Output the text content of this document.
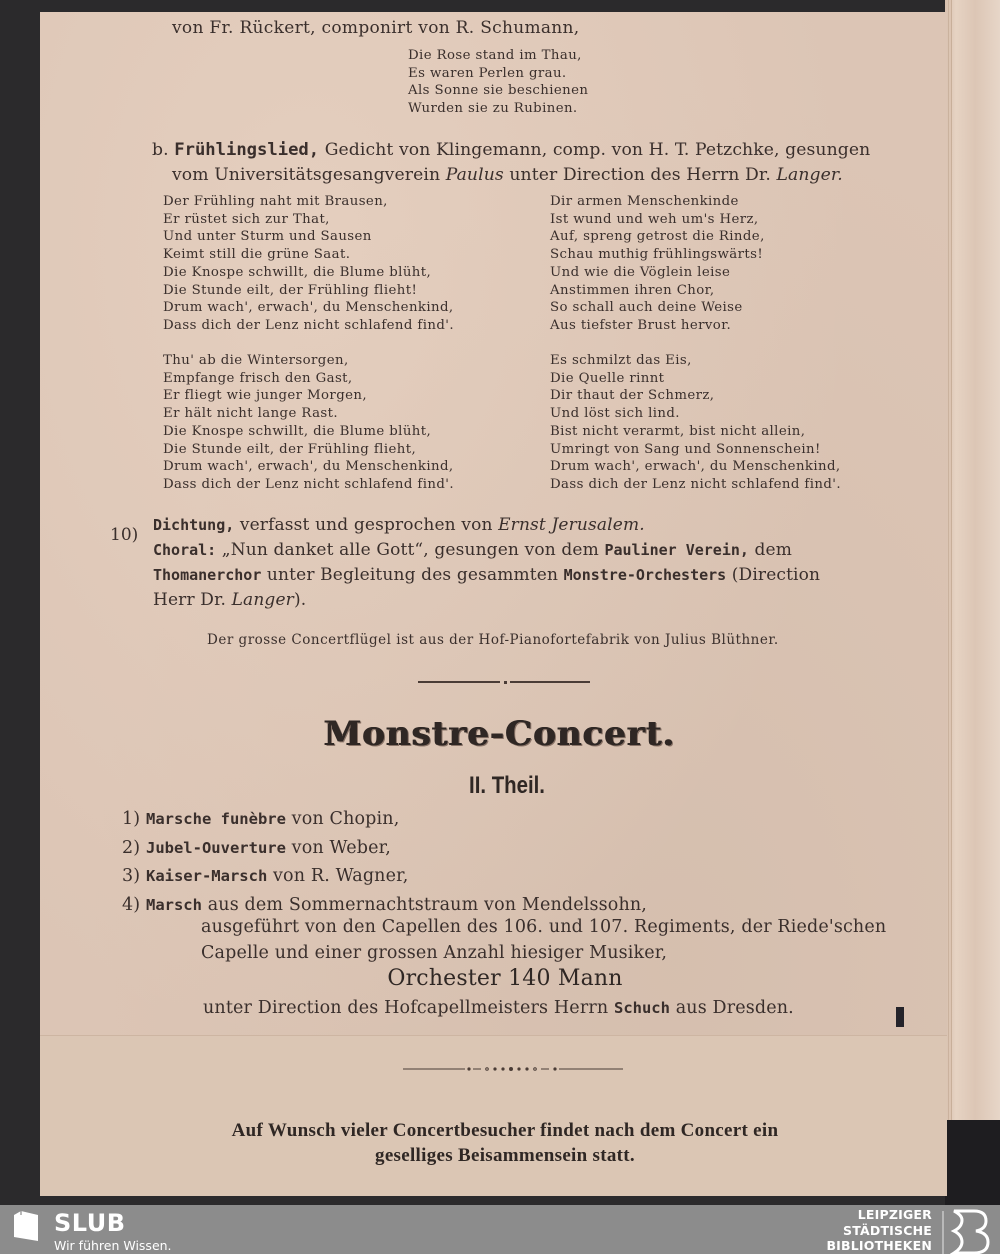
von Fr. Rückert, componirt von R. Schumann,

Die Rose stand im Thau,
Es waren Perlen grau.
Als Sonne sie beschienen
Wurden sie zu Rubinen.
b. Frühlingslied, Gedicht von Klingemann, comp. von H. T. Petzchke, gesungen
vom Universitätsgesangverein Paulus unter Direction des Herrn Dr. Langer.
Der Frühling naht mit Brausen,
Er rüstet sich zur That,
Und unter Sturm und Sausen
Keimt still die grüne Saat.
Die Knospe schwillt, die Blume blüht,
Die Stunde eilt, der Frühling flieht!
Drum wach', erwach', du Menschenkind,
Dass dich der Lenz nicht schlafend find'.
Dir armen Menschenkinde
Ist wund und weh um's Herz,
Auf, spreng getrost die Rinde,
Schau muthig frühlingswärts!
Und wie die Vöglein leise
Anstimmen ihren Chor,
So schall auch deine Weise
Aus tiefster Brust hervor.
Thu' ab die Wintersorgen,
Empfange frisch den Gast,
Er fliegt wie junger Morgen,
Er hält nicht lange Rast.
Die Knospe schwillt, die Blume blüht,
Die Stunde eilt, der Frühling flieht,
Drum wach', erwach', du Menschenkind,
Dass dich der Lenz nicht schlafend find'.
Es schmilzt das Eis,
Die Quelle rinnt
Dir thaut der Schmerz,
Und löst sich lind.
Bist nicht verarmt, bist nicht allein,
Umringt von Sang und Sonnenschein!
Drum wach', erwach', du Menschenkind,
Dass dich der Lenz nicht schlafend find'.

10) Dichtung, verfasst und gesprochen von Ernst Jerusalem.
Choral: „Nun danket alle Gott“, gesungen von dem Pauliner Verein, dem
Thomanerchor unter Begleitung des gesammten Monstre-Orchesters (Direction
Herr Dr. Langer).

Der grosse Concertflügel ist aus der Hof-Pianofortefabrik von Julius Blüthner.

Monstre-Concert.

II. Theil.

1) Marsche funèbre von Chopin,

2) Jubel-Ouverture von Weber,

3) Kaiser-Marsch von R. Wagner,

4) Marsch aus dem Sommernachtstraum von Mendelssohn,

ausgeführt von den Capellen des 106. und 107. Regiments, der Riede'schen

Capelle und einer grossen Anzahl hiesiger Musiker,

Orchester 140 Mann

unter Direction des Hofcapellmeisters Herrn Schuch aus Dresden.

Auf Wunsch vieler Concertbesucher findet nach dem Concert ein

geselliges Beisammensein statt.

SLUB
Wir führen Wissen.
LEIPZIGER
STÄDTISCHE
BIBLIOTHEKEN
